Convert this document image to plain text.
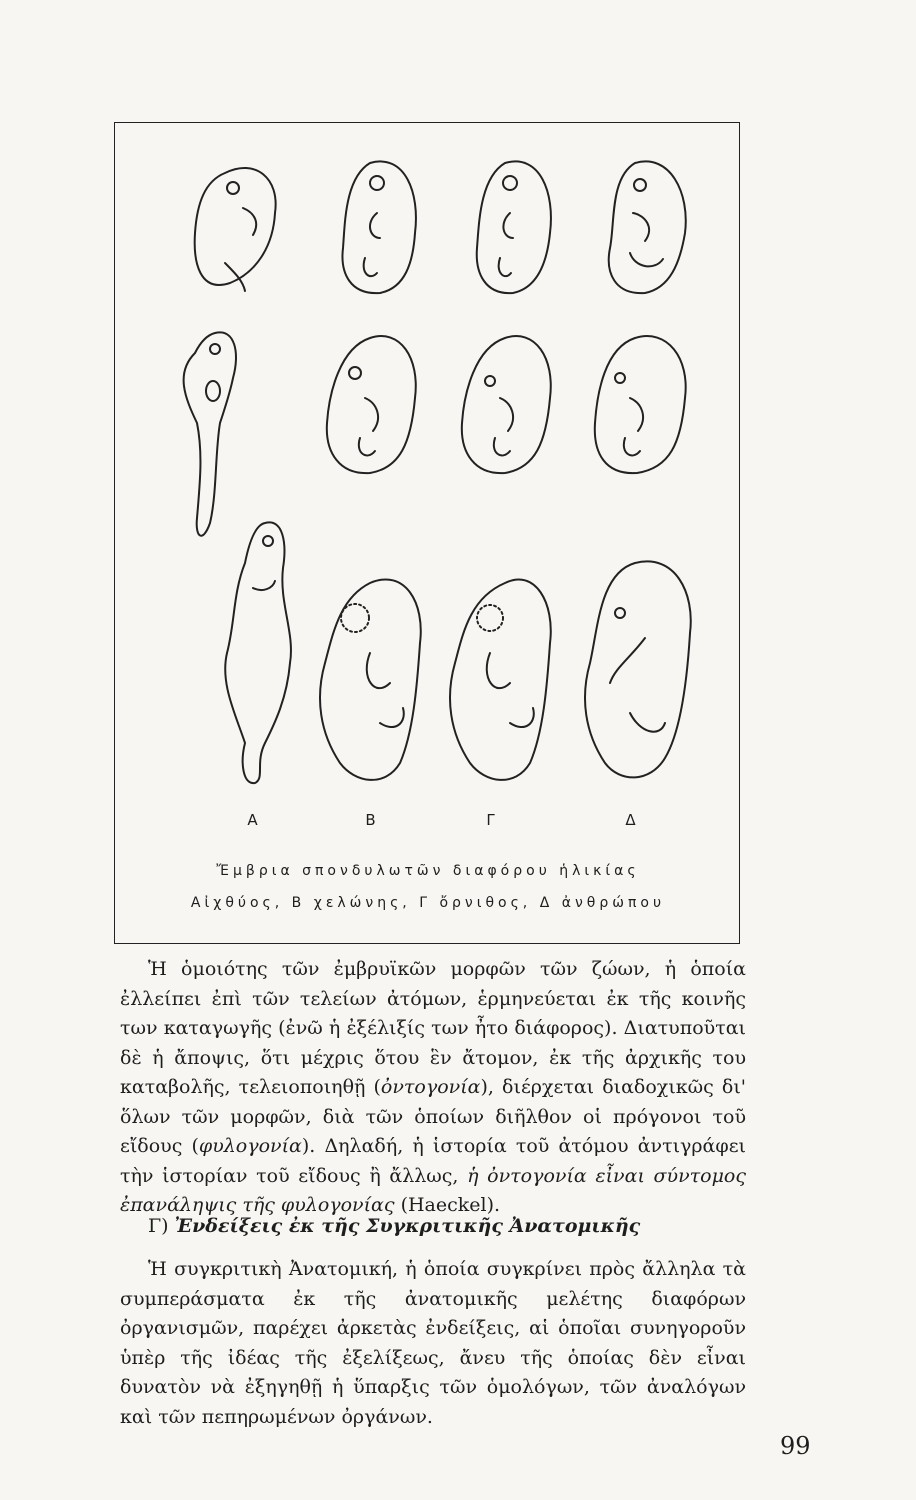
Α	Β	Γ	Δ
Ἔμβρια σπονδυλωτῶν διαφόρου ἡλικίας
Αἰχθύος, Β χελώνης, Γ ὄρνιθος, Δ ἀνθρώπου

Ἡ ὁμοιότης τῶν ἐμβρυϊκῶν μορφῶν τῶν ζώων, ἡ ὁποία ἐλλείπει ἐπὶ τῶν τελείων ἀτόμων, ἑρμηνεύεται ἐκ τῆς κοινῆς των καταγωγῆς (ἐνῶ ἡ ἐξέλιξίς των ἦτο διάφορος). Διατυποῦται δὲ ἡ ἄποψις, ὅτι μέχρις ὅτου ἓν ἄτομον, ἐκ τῆς ἀρχικῆς του καταβολῆς, τελειοποιηθῇ (ὀντογονία), διέρχεται διαδοχικῶς δι' ὅλων τῶν μορφῶν, διὰ τῶν ὁποίων διῆλθον οἱ πρόγονοι τοῦ εἴδους (φυλογονία). Δηλαδή, ἡ ἱστορία τοῦ ἀτόμου ἀντιγράφει τὴν ἱστορίαν τοῦ εἴδους ἢ ἄλλως, ἡ ὀντογονία εἶναι σύντομος ἐπανάληψις τῆς φυλογονίας (Haeckel).

Γ) Ἐνδείξεις ἐκ τῆς Συγκριτικῆς Ἀνατομικῆς

Ἡ συγκριτικὴ Ἀνατομική, ἡ ὁποία συγκρίνει πρὸς ἄλληλα τὰ συμπεράσματα ἐκ τῆς ἀνατομικῆς μελέτης διαφόρων ὀργανισμῶν, παρέχει ἀρκετὰς ἐνδείξεις, αἱ ὁποῖαι συνηγοροῦν ὑπὲρ τῆς ἰδέας τῆς ἐξελίξεως, ἄνευ τῆς ὁποίας δὲν εἶναι δυνατὸν νὰ ἐξηγηθῇ ἡ ὕπαρξις τῶν ὁμολόγων, τῶν ἀναλόγων καὶ τῶν πεπηρωμένων ὀργάνων.

99
